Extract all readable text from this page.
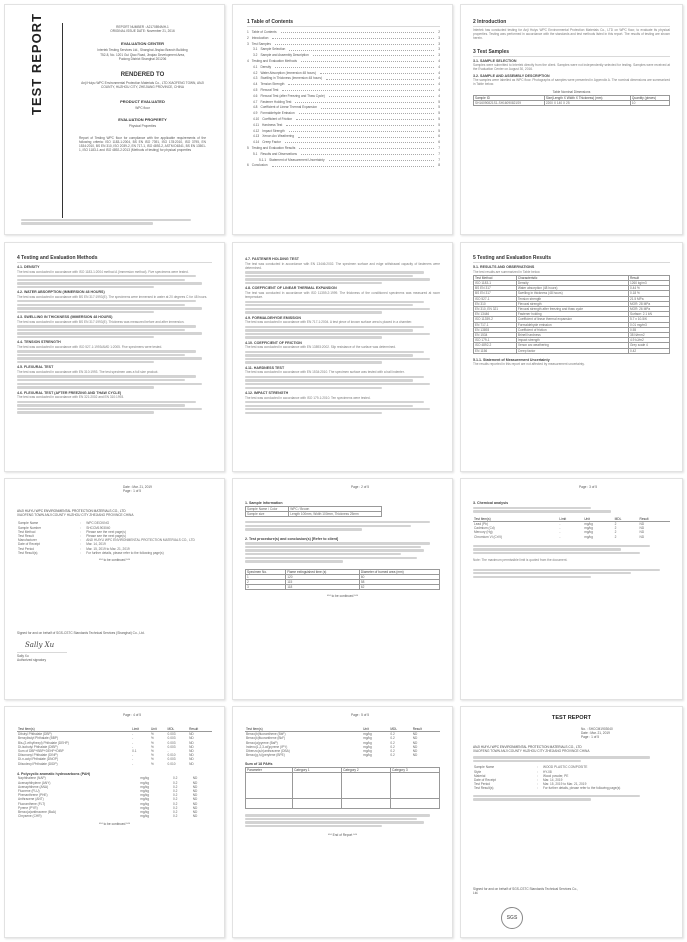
TEST REPORT	REPORT NUMBER : A2170894MH-1
ORIGINAL ISSUE DATE: November 21, 2016
EVALUATION CENTER
Intertek Testing Services Ltd., Shanghai Jinqiao Branch Building T52-8, No. 1201 Gui Qiao Road, Jinqiao Development Area, Pudong District Shanghai 201206
RENDERED TO
Anji Huiyu WPC Environmental Protection Materials Co., LTD XIAOFENG TOWN, ANJI COUNTY, HUZHOU CITY, ZHEJIANG PROVINCE, CHINA
PRODUCT EVALUATED
WPC floor
EVALUATION PROPERTY
Physical Properties
Report of Testing WPC floor for compliance with the applicable requirements of the following criteria: ISO 1183-1:2004, BS EN ISO 7391, ISO 178:2010, ISO 3795, EN 1534:2010, BS EN 310, ISO 2039-2, EN 717-1, ISO 4892-2, ASTM D6341, BS EN 13501-1, ISO 1183-1 and ISO 4892-2:2013 (Methods of testing) for physical properties
1 Table of Contents
1 Table of Contents	2
2 Introduction	3
3 Test Samples	3
3.1 Sample Selection	3
3.2 Sample and Assembly Description	3
4 Testing and Evaluation Methods	4
4.1 Density	4
4.2 Water Absorption (Immersion 48 hours)	4
4.3 Swelling in Thickness (Immersion 48 hours)	4
4.4 Tension Strength	4
4.5 Flexural Test	4
4.6 Flexural Test (after Freezing and Thaw Cycle)	4
4.7 Fastener Holding Test	5
4.8 Coefficient of Linear Thermal Expansion	5
4.9 Formaldehyde Emission	5
4.10 Coefficient of Friction	5
4.11 Hardness Test	5
4.12 Impact Strength	5
4.13 Xenon Arc Weathering	6
4.14 Creep Factor	6
5 Testing and Evaluation Results	7
5.1 Results and Observations	7
5.1.1 Statement of Measurement Uncertainty	7
6 Conclusion	8
2 Introduction
Intertek has conducted testing for Anji Huiyu WPC Environmental Protection Materials Co., LTD on WPC floor, to evaluate its physical properties. Testing was performed in accordance with the standards and test methods listed in this report. The results of testing are shown herein.
3 Test Samples
3.1. SAMPLE SELECTION
Samples were submitted to Intertek directly from the client. Samples were not independently selected for testing. Samples were received at the Evaluation Center on August 30, 2016.
3.2. SAMPLE AND ASSEMBLY DESCRIPTION
The samples were labelled as WPC floor. Photographs of samples were presented in Appendix A. The nominal dimensions are summarized in Table below.
Table Nominal Dimensions
Sample ID	Size(Length X Width X Thickness) (mm)	Quantity (pieces)
SH16090821S1-SH16090821S9	2200 X 140 X 25	10
4 Testing and Evaluation Methods
4.1. DENSITY
The test was conducted in accordance with ISO 1183-1:2004 method A (Immersion method). Five specimens were tested.
4.2. WATER ABSORPTION (IMMERSION 48 HOURS)
The test was conducted in accordance with BS EN 317:1993(E). The specimens were immersed in water at 20 degrees C for 48 hours.
4.3. SWELLING IN THICKNESS (IMMERSION 48 HOURS)
The test was conducted in accordance with BS EN 317:1993(E). Thickness was measured before and after immersion.
4.4. TENSION STRENGTH
The test was conducted in accordance with ISO 527-1:1993/AMD 1:2005. Five specimens were tested.
4.5. FLEXURAL TEST
The test was conducted in accordance with EN 310:1993. The test specimen was a full size product.
4.6. FLEXURAL TEST (AFTER FREEZING AND THAW CYCLE)
The test was conducted in accordance with EN 321:2002 and EN 310:1993.
4.7. FASTENER HOLDING TEST
The test was conducted in accordance with EN 13446:2002. The specimen surface and edge withdrawal capacity of fasteners were determined.
4.8. COEFFICIENT OF LINEAR THERMAL EXPANSION
The test was conducted in accordance with ISO 11359-2:1999. The thickness of the conditioned specimens was measured at room temperature.
4.9. FORMALDEHYDE EMISSION
The test was conducted in accordance with EN 717-1:2004. A test piece of known surface area is placed in a chamber.
4.10. COEFFICIENT OF FRICTION
The test was conducted in accordance with EN 13893:2002. Slip resistance of the surface was determined.
4.11. HARDNESS TEST
The test was conducted in accordance with EN 1534:2010. The specimen surface was tested with a ball indenter.
4.12. IMPACT STRENGTH
The test was conducted in accordance with ISO 179-1:2010. Ten specimens were tested.
5 Testing and Evaluation Results
5.1. RESULTS AND OBSERVATIONS
The test results are summarized in Table below.
Test Method	Characteristic	Result
ISO 1183-1	Density	1260 kg/m3
BS EN 317	Water absorption (48 hours)	0.44 %
BS EN 317	Swelling in thickness (48 hours)	0.18 %
ISO 527-1	Tension strength	21.5 MPa
EN 310	Flexural strength	MOR: 28 MPa
EN 310, EN 321	Flexural strength after freezing and thaw cycle	MOR: 26 MPa
EN 13446	Fastener holding	Surface: 2.1 kN
ISO 11359-2	Coefficient of linear thermal expansion	5.7 x 10-5/K
EN 717-1	Formaldehyde emission	0.01 mg/m3
EN 13893	Coefficient of friction	0.55
EN 1534	Brinell hardness	38 N/mm2
ISO 179-1	Impact strength	4.9 kJ/m2
ISO 4892-2	Xenon arc weathering	Grey scale 4
EN 1156	Creep factor	0.42
5.1.1. Statement of Measurement Uncertainty
The results reported in this report are not affected by measurement uncertainty.
Date : Mar. 21, 2019
Page : 1 of 5
ANJI HUIYU WPC ENVIRONMENTAL PROTECTION MATERIALS CO., LTD
XIAOFENG TOWN ANJI COUNTY HUZHOU CITY ZHEJIANG PROVINCE CHINA
Sample Name	:	WPC DECKING
Sample Number	:	SHCCM1903040
Test Method	:	Please see the next page(s)
Test Result	:	Please see the next page(s)
Manufacturer	:	ANJI HUIYU WPC ENVIRONMENTAL PROTECTION MATERIALS CO., LTD
Date of Receipt	:	Mar. 14, 2019
Test Period	:	Mar. 15, 2019 to Mar. 21, 2019
Test Result(s)	:	For further details, please refer to the following page(s)
*** to be continued ***
Signed for and on behalf of SGS-CSTC Standards Technical Services (Shanghai) Co., Ltd.
Sally Xu
Sally Xu
Authorized signatory
Page : 2 of 5
1. Sample Information
Sample Name / Color	WPC / Brown
Sample size	Length 100mm, Width 100mm, Thickness 25mm
2. Test procedure(s) and conclusion(s) [Refer to client]
Specimen No.	Flame extinguished time (s)	Diameter of burned area (mm)
1	120	60
2	115	58
3	118	62
*** to be continued ***
Page : 3 of 5
3. Chemical analysis
Test Item(s)	Limit	Unit	MDL	Result
Lead (Pb)	-	mg/kg	2	ND
Cadmium (Cd)	-	mg/kg	2	ND
Mercury (Hg)	-	mg/kg	2	ND
Chromium VI (CrVI)	-	mg/kg	2	ND
Note: The maximum permissible limit is quoted from the document.
Page : 4 of 5
Test Item(s)	Limit	Unit	MDL	Result
Dibutyl Phthalate (DBP)	-	%	0.003	ND
Benzylbutyl Phthalate (BBP)	-	%	0.003	ND
Bis-(2-ethylhexyl) Phthalate (DEHP)	-	%	0.003	ND
Di-isobutyl Phthalate (DIBP)	-	%	0.003	ND
Sum of DBP+BBP+DEHP+DIBP	0.1	%	-	ND
Diisononyl Phthalate (DINP)	-	%	0.010	ND
Di-n-octyl Phthalate (DNOP)	-	%	0.003	ND
Diisodecyl Phthalate (DIDP)	-	%	0.010	ND
4. Polycyclic aromatic hydrocarbons (PAH)
Naphthalene (NAP)	mg/kg	0.2	ND
Acenaphthylene (ANY)	mg/kg	0.2	ND
Acenaphthene (ANA)	mg/kg	0.2	ND
Fluorene (FLU)	mg/kg	0.2	ND
Phenanthrene (PHE)	mg/kg	0.2	ND
Anthracene (ANT)	mg/kg	0.2	ND
Fluoranthene (FLT)	mg/kg	0.2	ND
Pyrene (PYR)	mg/kg	0.2	ND
Benzo(a)anthracene (BaA)	mg/kg	0.2	ND
Chrysene (CHR)	mg/kg	0.2	ND
*** to be continued ***
Page : 5 of 5
Test Item(s)	Unit	MDL	Result
Benzo(b)fluoranthene (BbF)	mg/kg	0.2	ND
Benzo(k)fluoranthene (BkF)	mg/kg	0.2	ND
Benzo(a)pyrene (BaP)	mg/kg	0.2	ND
Indeno(1,2,3-cd)pyrene (IPY)	mg/kg	0.2	ND
Dibenzo(a,h)anthracene (DBA)	mg/kg	0.2	ND
Benzo(g,h,i)perylene (BPE)	mg/kg	0.2	ND
Sum of 18 PAHs
Parameter	Category 1	Category 2	Category 3

*** End of Report ***
TEST REPORT
No. : SHCCM1903040
Date : Mar. 21, 2019
Page : 1 of 5
ANJI HUIYU WPC ENVIRONMENTAL PROTECTION MATERIALS CO., LTD
XIAOFENG TOWN ANJI COUNTY HUZHOU CITY ZHEJIANG PROVINCE CHINA
Sample Name	:	WOOD PLASTIC COMPOSITE
Style	:	HY-08
Material	:	Wood powder, PE
Date of Receipt	:	Mar. 14, 2019
Test Period	:	Mar. 15, 2019 to Mar. 21, 2019
Test Result(s)	:	For further details, please refer to the following page(s)
Signed for and on behalf of SGS-CSTC Standards Technical Services Co., Ltd.
SGS
